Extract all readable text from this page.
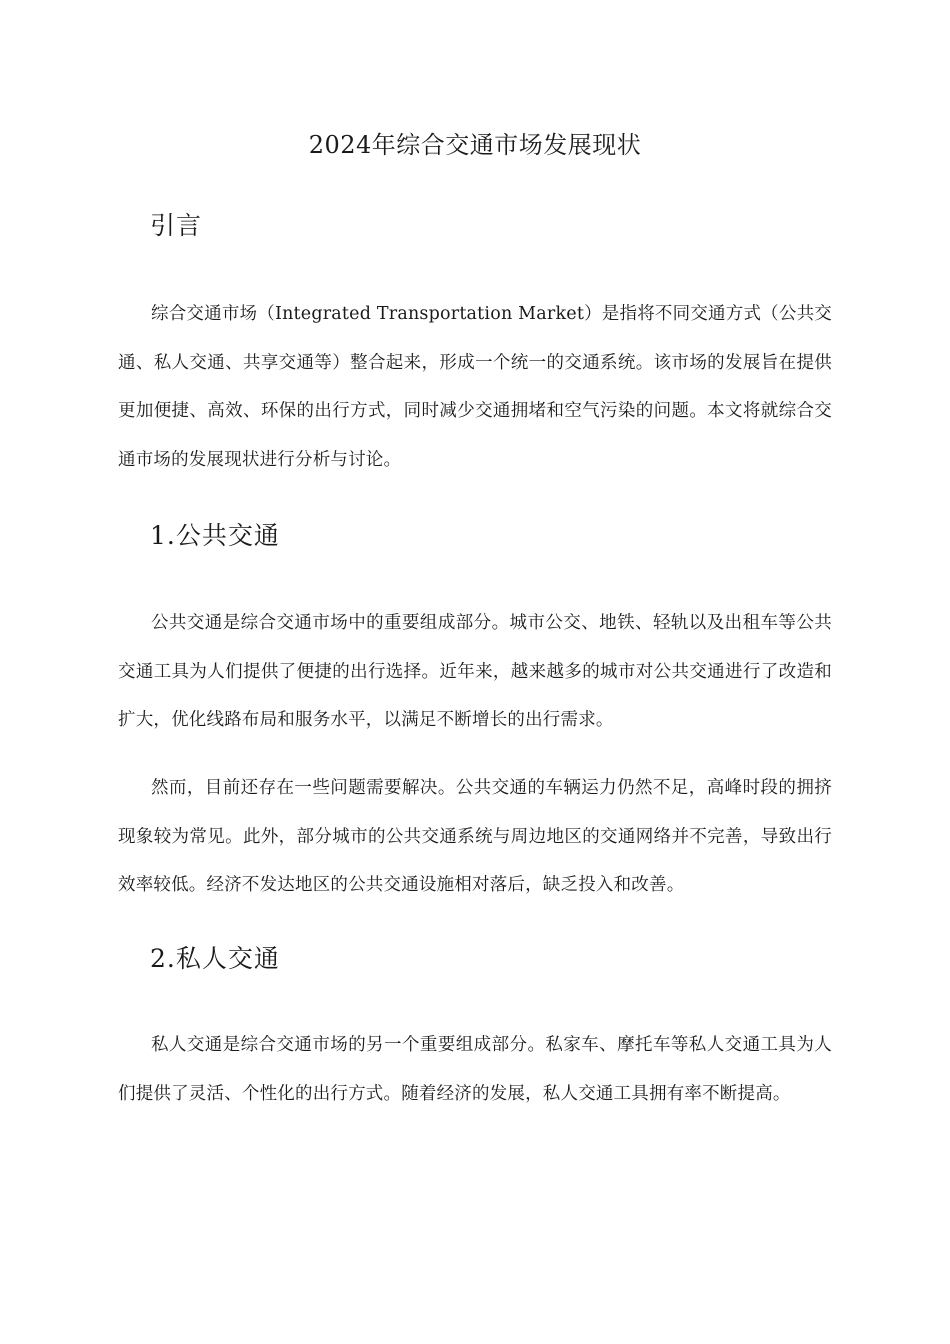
2024年综合交通市场发展现状
引言
综合交通市场（Integrated Transportation Market）是指将不同交通方式（公共交通、私人交通、共享交通等）整合起来，形成一个统一的交通系统。该市场的发展旨在提供更加便捷、高效、环保的出行方式，同时减少交通拥堵和空气污染的问题。本文将就综合交通市场的发展现状进行分析与讨论。
1.公共交通
公共交通是综合交通市场中的重要组成部分。城市公交、地铁、轻轨以及出租车等公共交通工具为人们提供了便捷的出行选择。近年来，越来越多的城市对公共交通进行了改造和扩大，优化线路布局和服务水平，以满足不断增长的出行需求。
然而，目前还存在一些问题需要解决。公共交通的车辆运力仍然不足，高峰时段的拥挤现象较为常见。此外，部分城市的公共交通系统与周边地区的交通网络并不完善，导致出行效率较低。经济不发达地区的公共交通设施相对落后，缺乏投入和改善。
2.私人交通
私人交通是综合交通市场的另一个重要组成部分。私家车、摩托车等私人交通工具为人们提供了灵活、个性化的出行方式。随着经济的发展，私人交通工具拥有率不断提高。
